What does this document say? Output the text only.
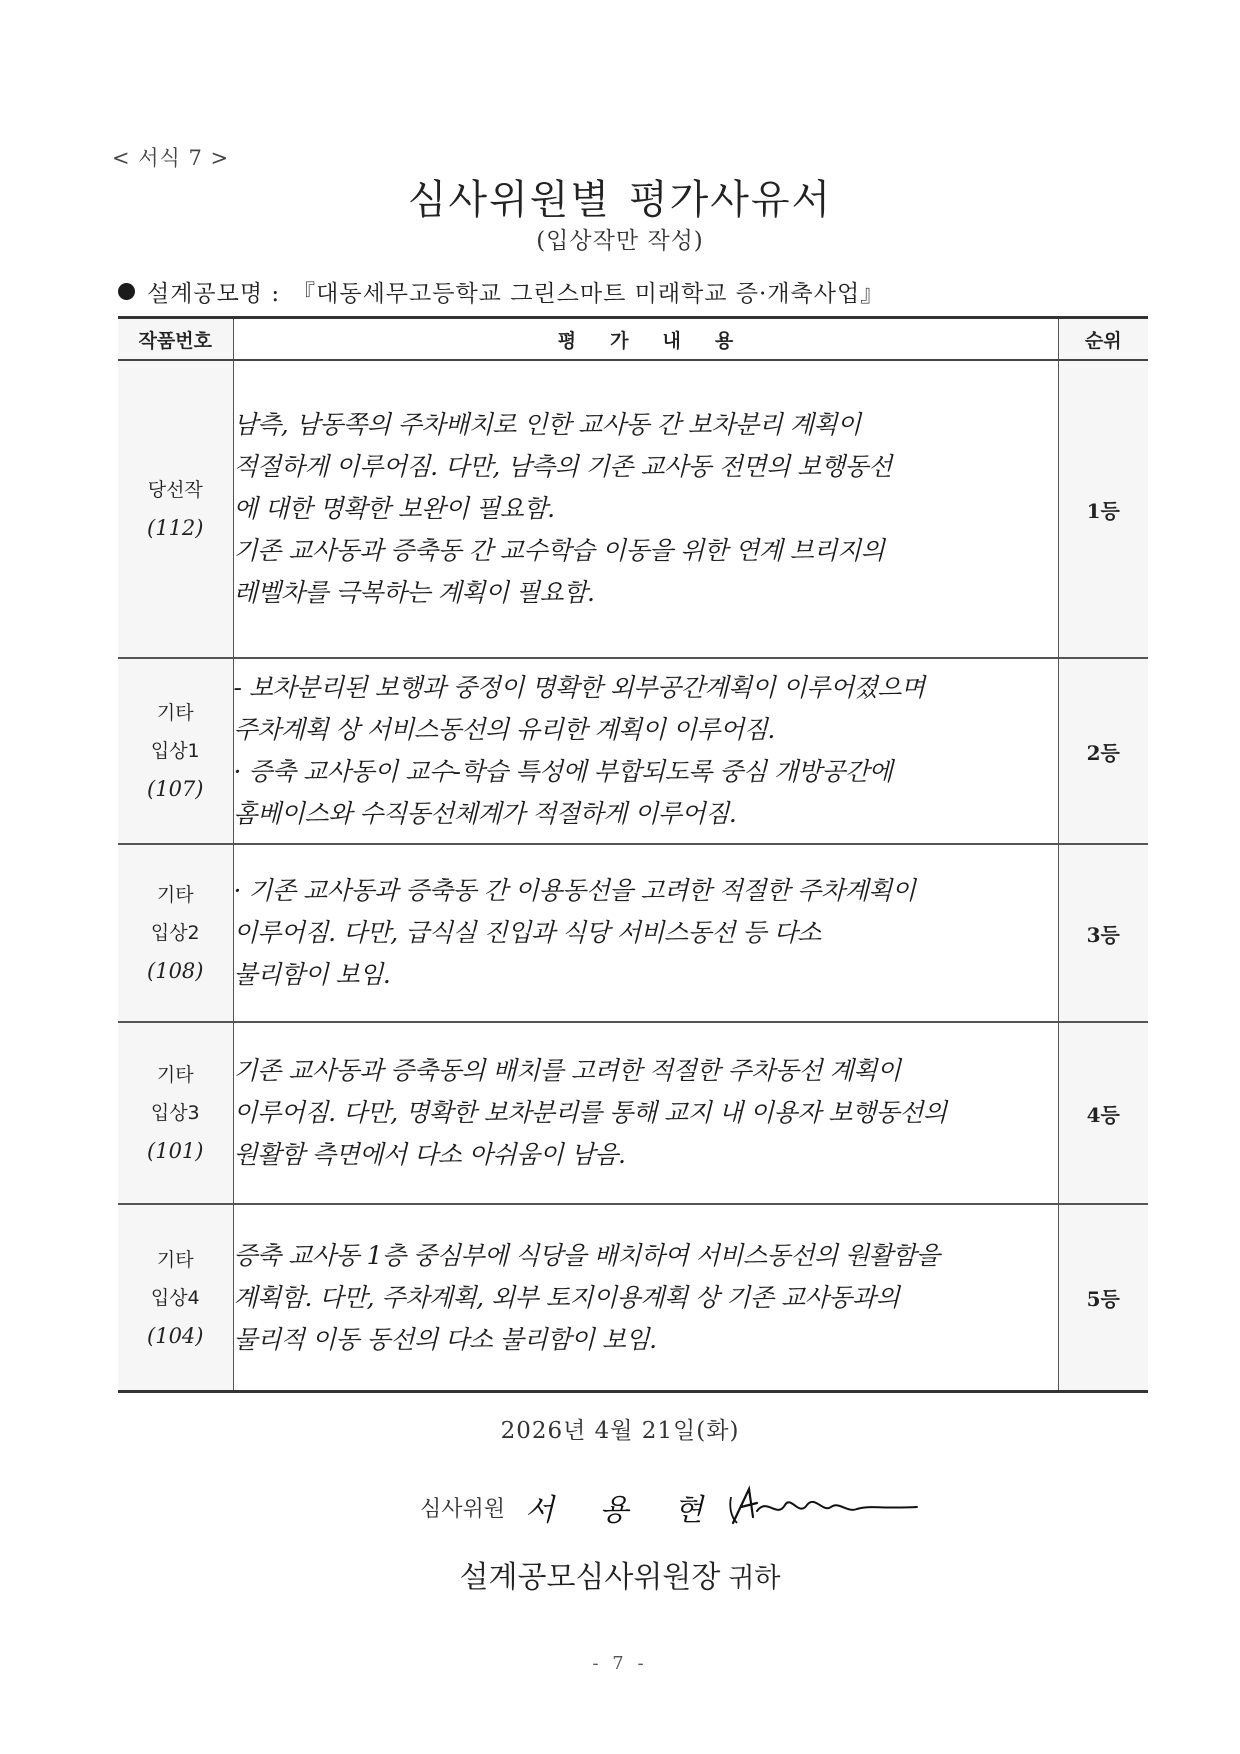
< 서식 7 >
심사위원별 평가사유서
(입상작만 작성)
설계공모명 : 『대동세무고등학교 그린스마트 미래학교 증·개축사업』
작품번호	평가내용	순위
당선작
(112)	남측, 남동쪽의 주차배치로 인한 교사동 간 보차분리 계획이
적절하게 이루어짐. 다만, 남측의 기존 교사동 전면의 보행동선
에 대한 명확한 보완이 필요함.
기존 교사동과 증축동 간 교수학습 이동을 위한 연계 브리지의
레벨차를 극복하는 계획이 필요함.	1등

기타
입상1
(107)	- 보차분리된 보행과 중정이 명확한 외부공간계획이 이루어졌으며
주차계획 상 서비스동선의 유리한 계획이 이루어짐.
· 증축 교사동이 교수-학습 특성에 부합되도록 중심 개방공간에
홈베이스와 수직동선체계가 적절하게 이루어짐.	2등

기타
입상2
(108)	· 기존 교사동과 증축동 간 이용동선을 고려한 적절한 주차계획이
이루어짐. 다만, 급식실 진입과 식당 서비스동선 등 다소
불리함이 보임.	3등

기타
입상3
(101)	기존 교사동과 증축동의 배치를 고려한 적절한 주차동선 계획이
이루어짐. 다만, 명확한 보차분리를 통해 교지 내 이용자 보행동선의
원활함 측면에서 다소 아쉬움이 남음.	4등

기타
입상4
(104)	증축 교사동 1층 중심부에 식당을 배치하여 서비스동선의 원활함을
계획함. 다만, 주차계획, 외부 토지이용계획 상 기존 교사동과의
물리적 이동 동선의 다소 불리함이 보임.	5등
2026년 4월 21일(화)
심사위원 서 용 현
설계공모심사위원장 귀하
- 7 -
